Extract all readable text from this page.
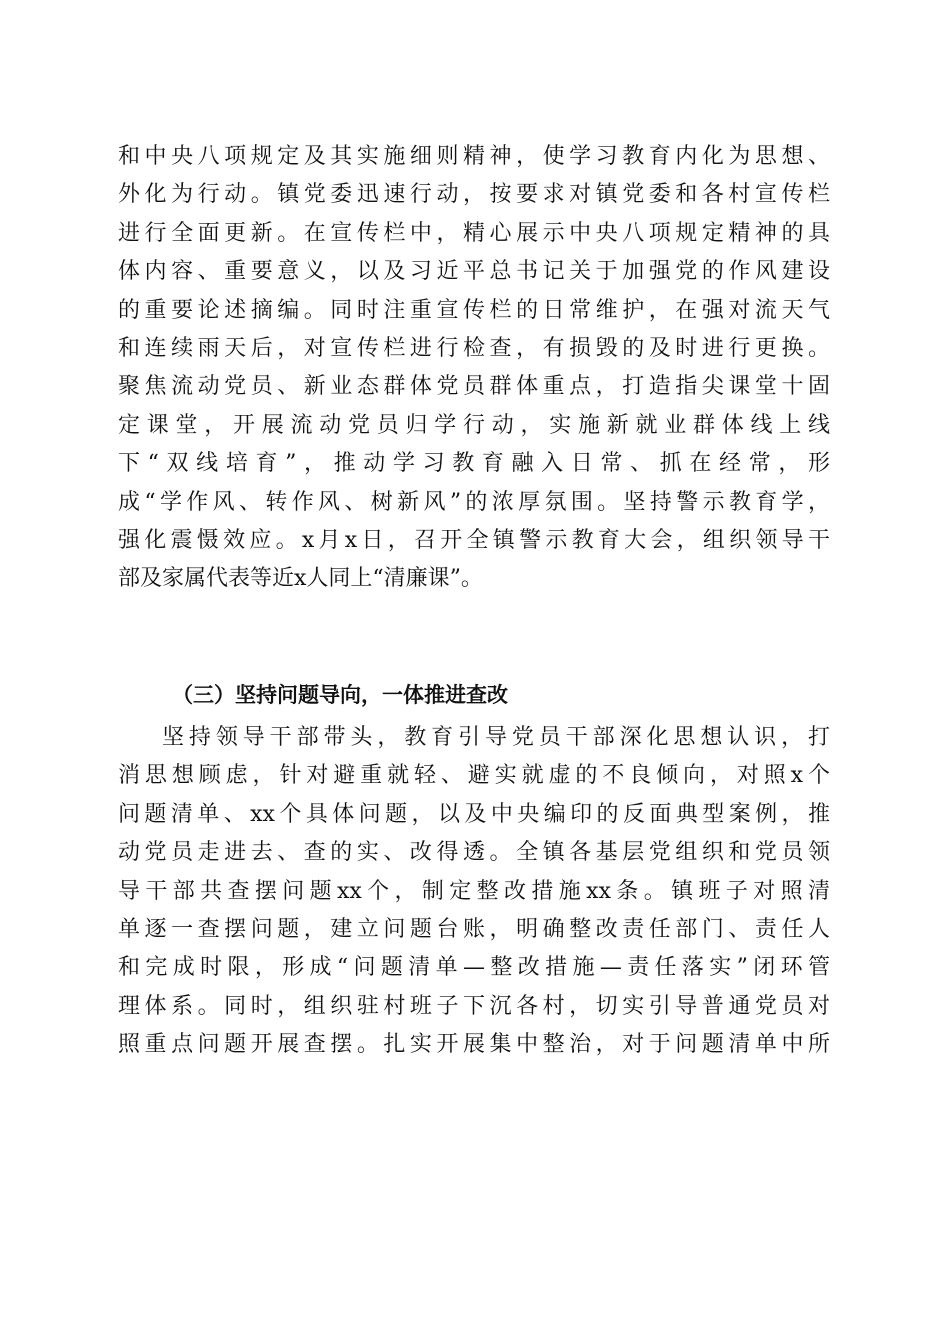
和中央八项规定及其实施细则精神，使学习教育内化为思想、
外化为行动。镇党委迅速行动，按要求对镇党委和各村宣传栏
进行全面更新。在宣传栏中，精心展示中央八项规定精神的具
体内容、重要意义，以及习近平总书记关于加强党的作风建设
的重要论述摘编。同时注重宣传栏的日常维护，在强对流天气
和连续雨天后，对宣传栏进行检查，有损毁的及时进行更换。
聚焦流动党员、新业态群体党员群体重点，打造指尖课堂十固
定课堂，开展流动党员归学行动，实施新就业群体线上线
下“双线培育”，推动学习教育融入日常、抓在经常，形
成“学作风、转作风、树新风”的浓厚氛围。坚持警示教育学，
强化震慑效应。x月x日，召开全镇警示教育大会，组织领导干
部及家属代表等近x人同上“清廉课”。
（三）坚持问题导向，一体推进查改
坚持领导干部带头，教育引导党员干部深化思想认识，打
消思想顾虑，针对避重就轻、避实就虚的不良倾向，对照x个
问题清单、xx个具体问题，以及中央编印的反面典型案例，推
动党员走进去、查的实、改得透。全镇各基层党组织和党员领
导干部共查摆问题xx个，制定整改措施xx条。镇班子对照清
单逐一查摆问题，建立问题台账，明确整改责任部门、责任人
和完成时限，形成“问题清单—整改措施—责任落实”闭环管
理体系。同时，组织驻村班子下沉各村，切实引导普通党员对
照重点问题开展查摆。扎实开展集中整治，对于问题清单中所
